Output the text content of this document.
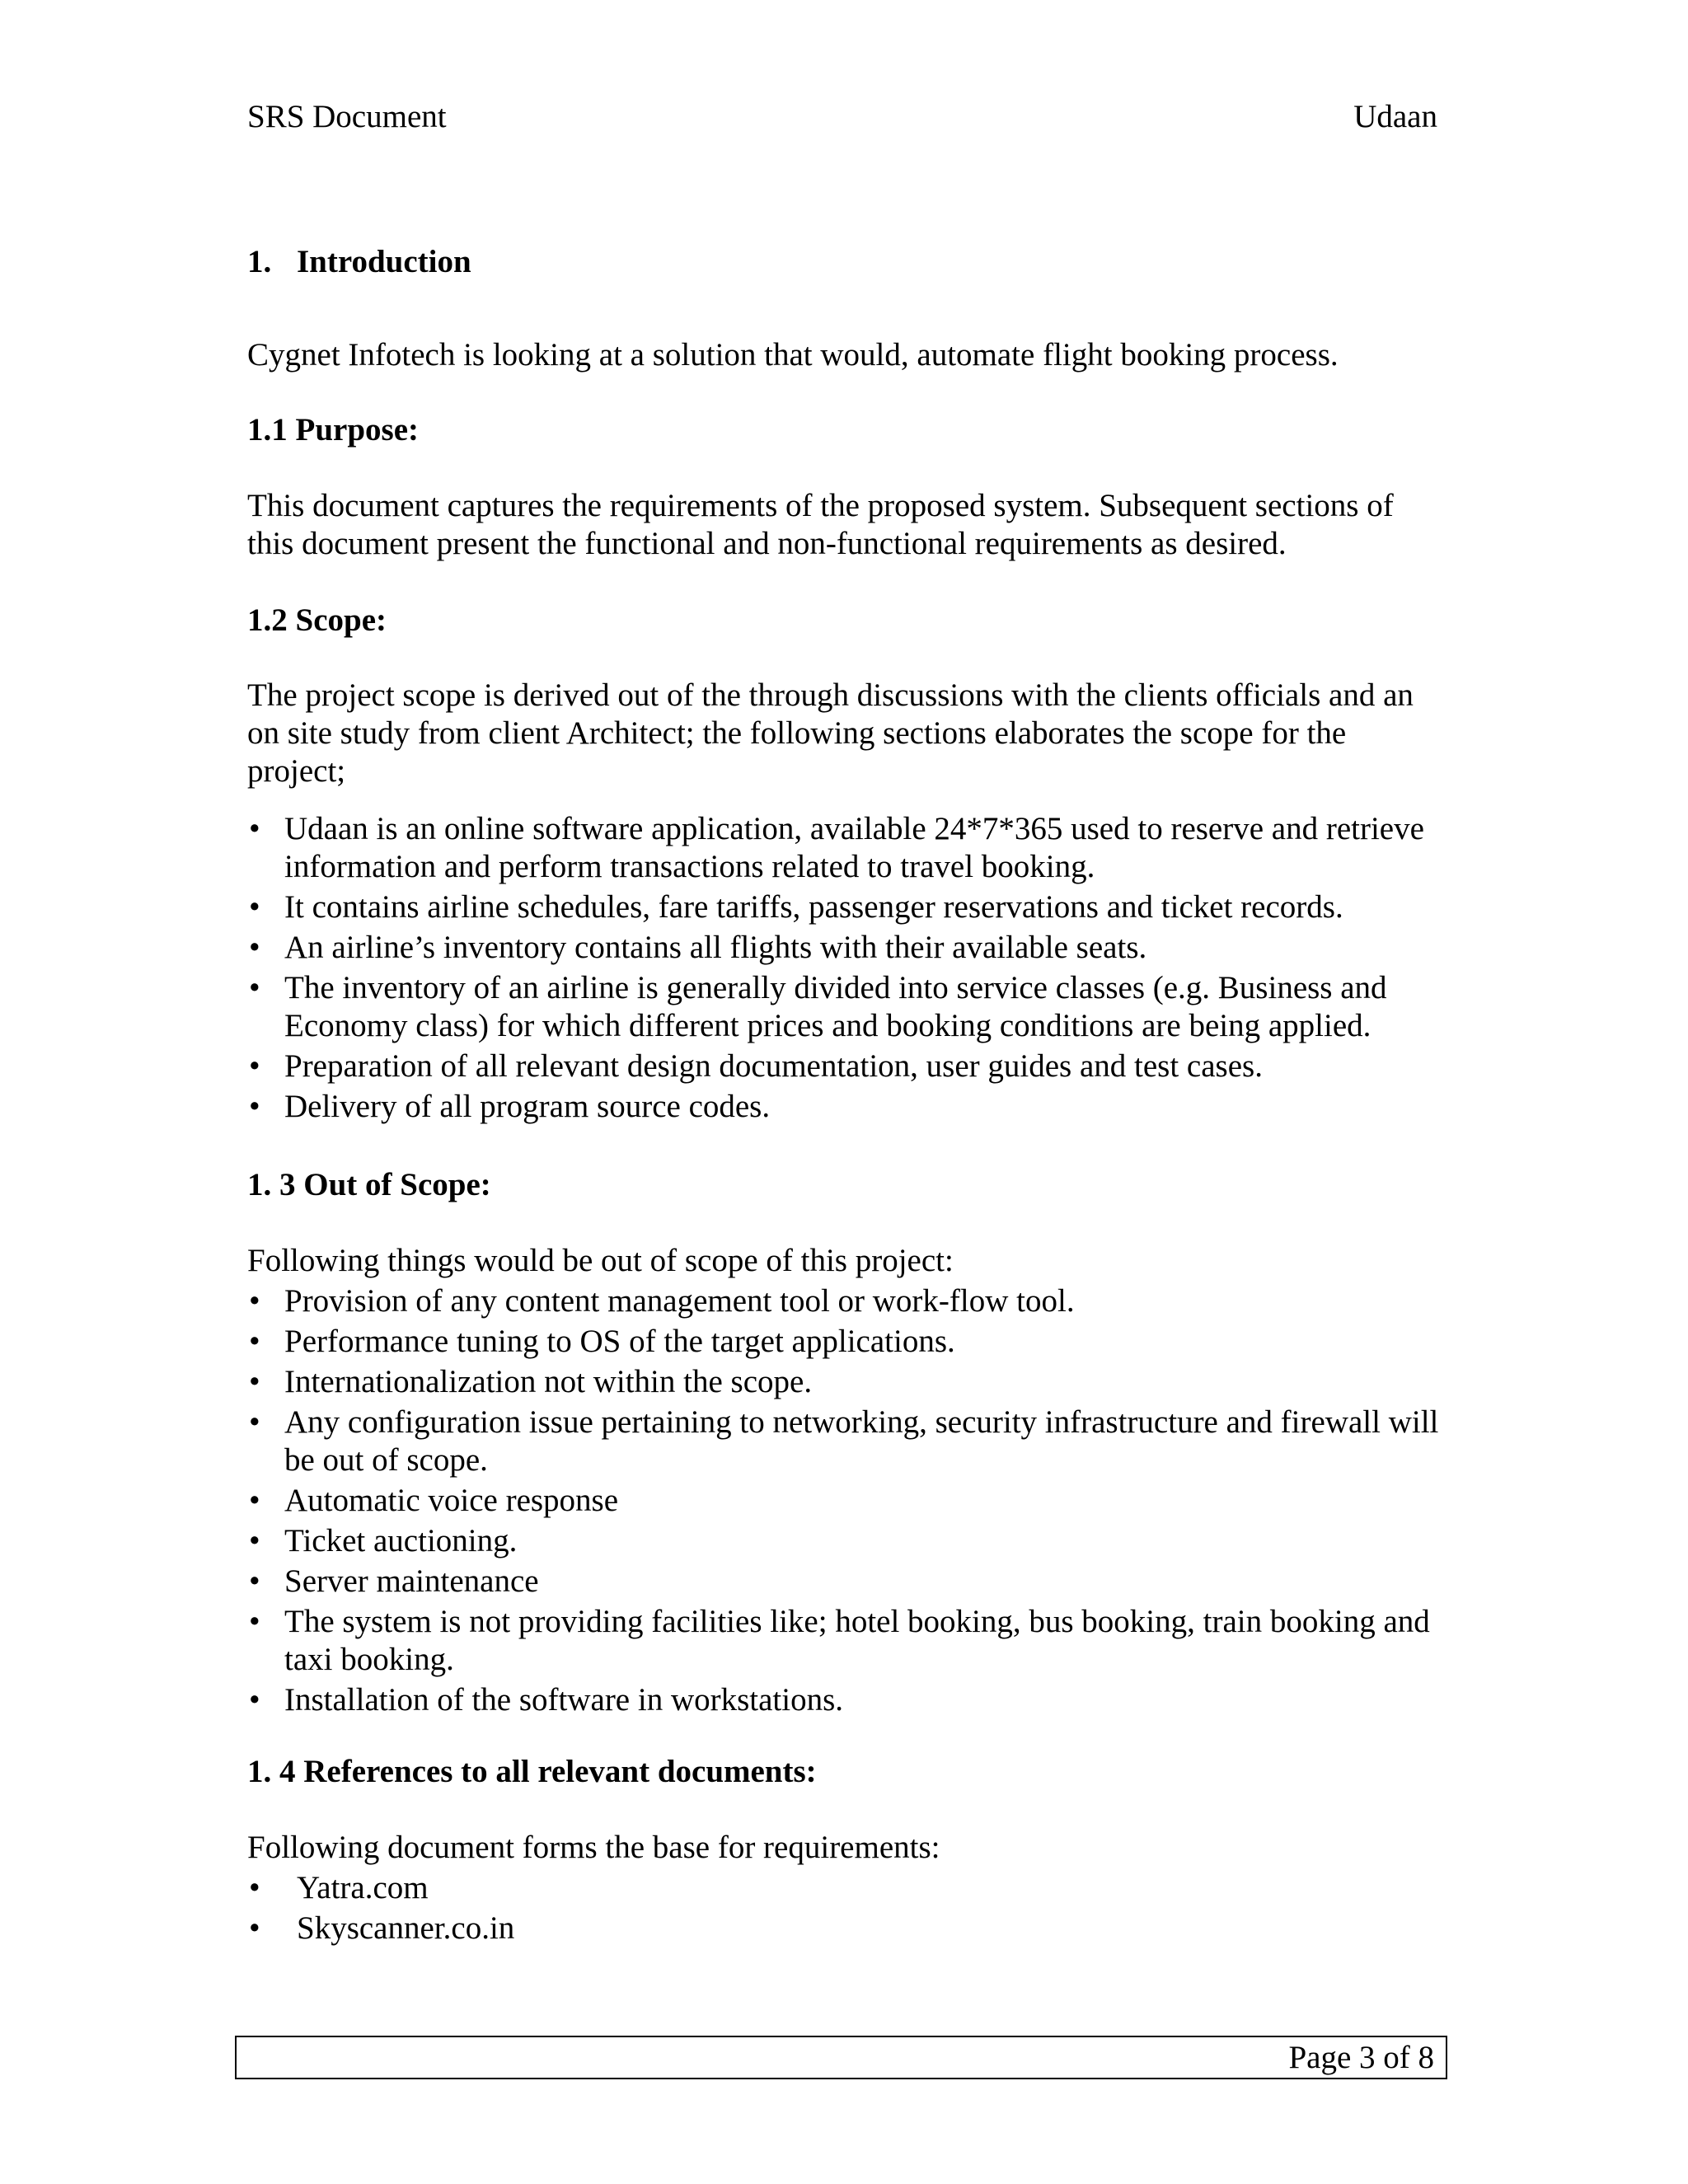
SRS Document	Udaan

1. Introduction

Cygnet Infotech is looking at a solution that would, automate flight booking process.

1.1 Purpose:

This document captures the requirements of the proposed system. Subsequent sections of this document present the functional and non-functional requirements as desired.

1.2 Scope:

The project scope is derived out of the through discussions with the clients officials and an on site study from client Architect; the following sections elaborates the scope for the project;

• Udaan is an online software application, available 24*7*365 used to reserve and retrieve information and perform transactions related to travel booking.
• It contains airline schedules, fare tariffs, passenger reservations and ticket records.
• An airline’s inventory contains all flights with their available seats.
• The inventory of an airline is generally divided into service classes (e.g. Business and Economy class) for which different prices and booking conditions are being applied.
• Preparation of all relevant design documentation, user guides and test cases.
• Delivery of all program source codes.

1. 3 Out of Scope:

Following things would be out of scope of this project:

• Provision of any content management tool or work-flow tool.
• Performance tuning to OS of the target applications.
• Internationalization not within the scope.
• Any configuration issue pertaining to networking, security infrastructure and firewall will be out of scope.
• Automatic voice response
• Ticket auctioning.
• Server maintenance
• The system is not providing facilities like; hotel booking, bus booking, train booking and taxi booking.
• Installation of the software in workstations.

1. 4 References to all relevant documents:

Following document forms the base for requirements:

•	Yatra.com
•	Skyscanner.co.in
Page 3 of 8
